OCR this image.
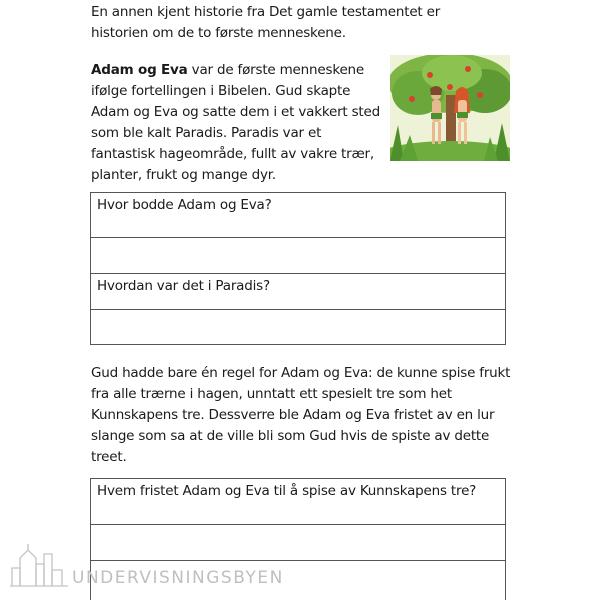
En annen kjent historie fra Det gamle testamentet er historien om de to første menneskene.
Adam og Eva var de første menneskene ifølge fortellingen i Bibelen. Gud skapte Adam og Eva og satte dem i et vakkert sted som ble kalt Paradis. Paradis var et fantastisk hageområde, fullt av vakre trær, planter, frukt og mange dyr.
Hvor bodde Adam og Eva?
Hvordan var det i Paradis?
Gud hadde bare én regel for Adam og Eva: de kunne spise frukt fra alle trærne i hagen, unntatt ett spesielt tre som het Kunnskapens tre. Dessverre ble Adam og Eva fristet av en lur slange som sa at de ville bli som Gud hvis de spiste av dette treet.
Hvem fristet Adam og Eva til å spise av Kunnskapens tre?
UNDERVISNINGSBYEN
